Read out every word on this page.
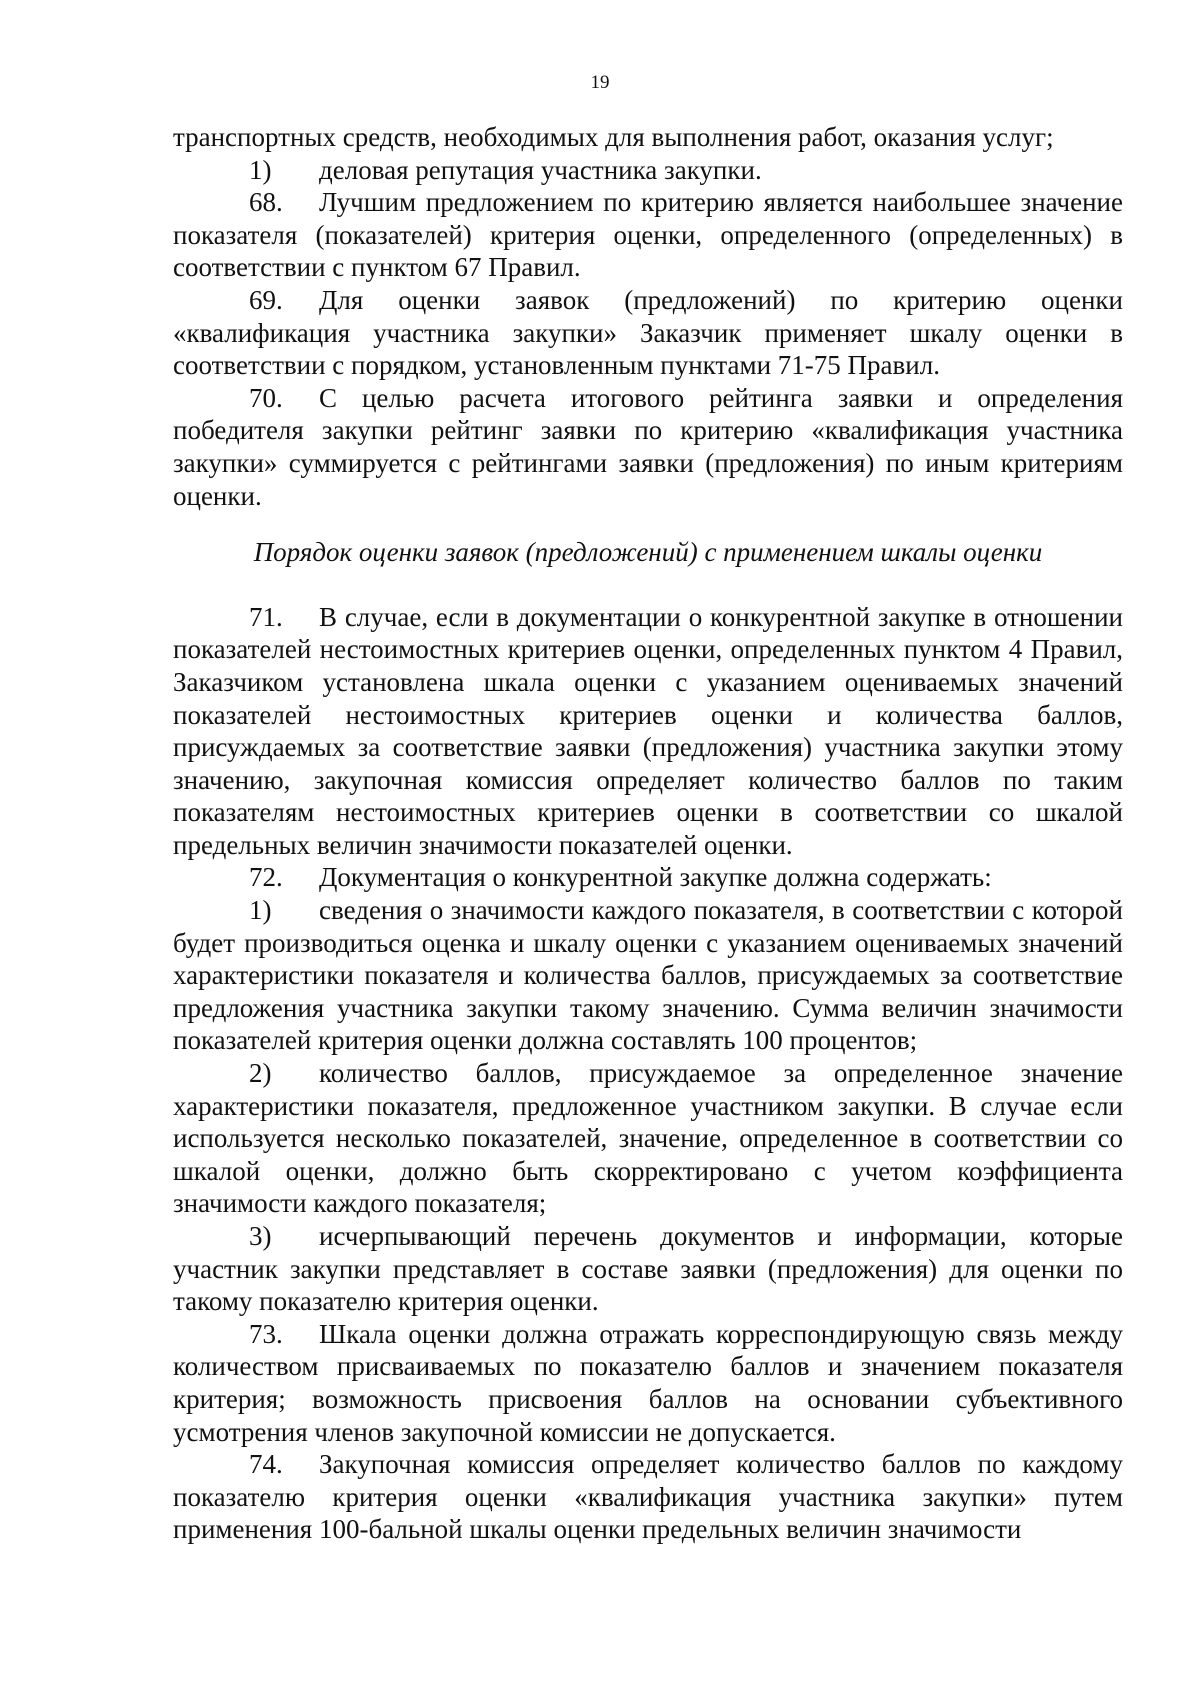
19

транспортных средств, необходимых для выполнения работ, оказания услуг;

1) деловая репутация участника закупки.

68. Лучшим предложением по критерию является наибольшее значение показателя (показателей) критерия оценки, определенного (определенных) в соответствии с пунктом 67 Правил.

69. Для оценки заявок (предложений) по критерию оценки «квалификация участника закупки» Заказчик применяет шкалу оценки в соответствии с порядком, установленным пунктами 71-75 Правил.

70. С целью расчета итогового рейтинга заявки и определения победителя закупки рейтинг заявки по критерию «квалификация участника закупки» суммируется с рейтингами заявки (предложения) по иным критериям оценки.

Порядок оценки заявок (предложений) с применением шкалы оценки

71. В случае, если в документации о конкурентной закупке в отношении показателей нестоимостных критериев оценки, определенных пунктом 4 Правил, Заказчиком установлена шкала оценки с указанием оцениваемых значений показателей нестоимостных критериев оценки и количества баллов, присуждаемых за соответствие заявки (предложения) участника закупки этому значению, закупочная комиссия определяет количество баллов по таким показателям нестоимостных критериев оценки в соответствии со шкалой предельных величин значимости показателей оценки.

72. Документация о конкурентной закупке должна содержать:

1) сведения о значимости каждого показателя, в соответствии с которой будет производиться оценка и шкалу оценки с указанием оцениваемых значений характеристики показателя и количества баллов, присуждаемых за соответствие предложения участника закупки такому значению. Сумма величин значимости показателей критерия оценки должна составлять 100 процентов;

2) количество баллов, присуждаемое за определенное значение характеристики показателя, предложенное участником закупки. В случае если используется несколько показателей, значение, определенное в соответствии со шкалой оценки, должно быть скорректировано с учетом коэффициента значимости каждого показателя;

3) исчерпывающий перечень документов и информации, которые участник закупки представляет в составе заявки (предложения) для оценки по такому показателю критерия оценки.

73. Шкала оценки должна отражать корреспондирующую связь между количеством присваиваемых по показателю баллов и значением показателя критерия; возможность присвоения баллов на основании субъективного усмотрения членов закупочной комиссии не допускается.

74. Закупочная комиссия определяет количество баллов по каждому показателю критерия оценки «квалификация участника закупки» путем применения 100-бальной шкалы оценки предельных величин значимости
